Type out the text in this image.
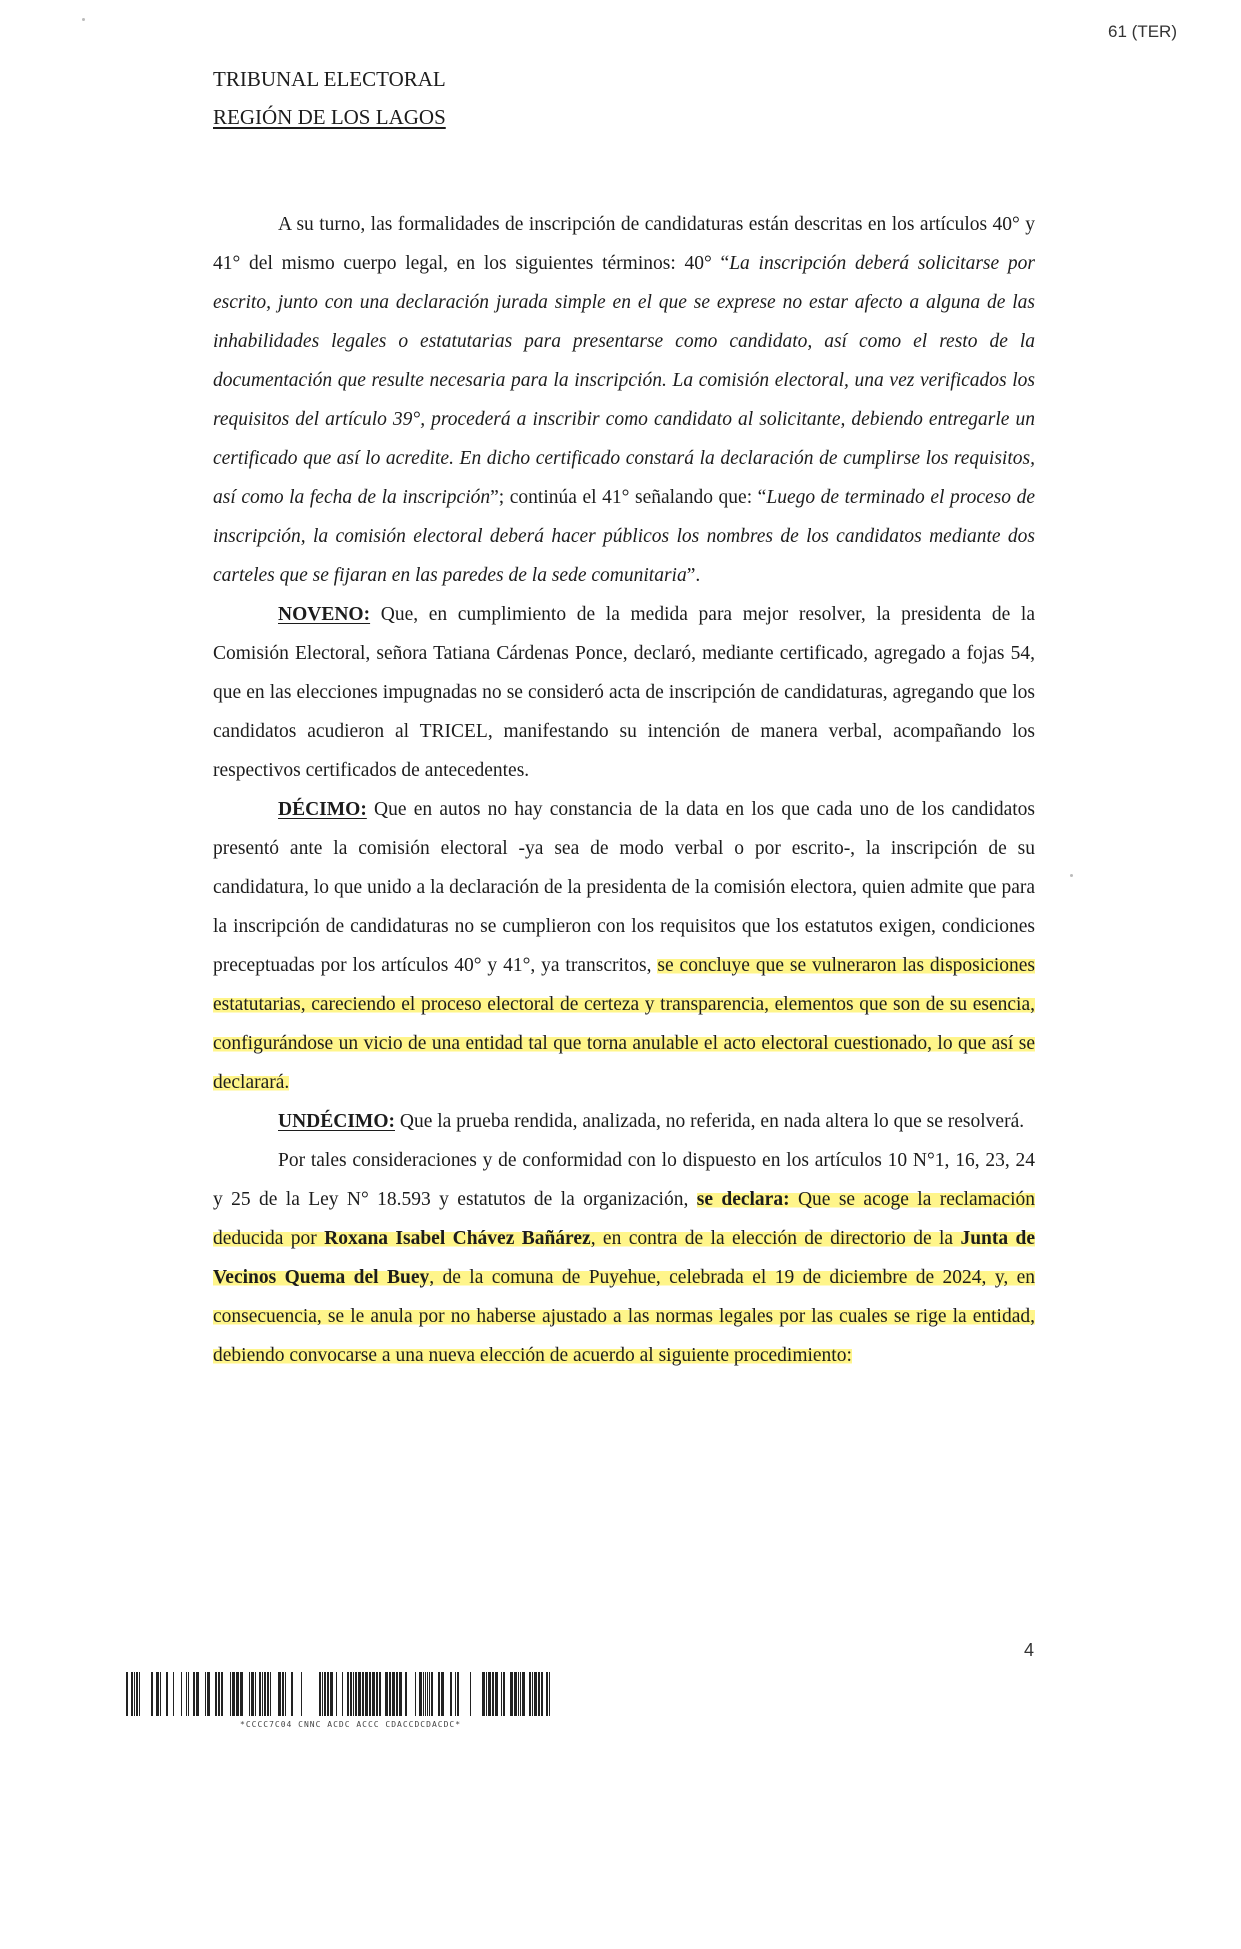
61 (TER)
TRIBUNAL ELECTORAL
REGIÓN DE LOS LAGOS

A su turno, las formalidades de inscripción de candidaturas están descritas en los artículos 40° y 41° del mismo cuerpo legal, en los siguientes términos: 40° “La inscripción deberá solicitarse por escrito, junto con una declaración jurada simple en el que se exprese no estar afecto a alguna de las inhabilidades legales o estatutarias para presentarse como candidato, así como el resto de la documentación que resulte necesaria para la inscripción. La comisión electoral, una vez verificados los requisitos del artículo 39°, procederá a inscribir como candidato al solicitante, debiendo entregarle un certificado que así lo acredite. En dicho certificado constará la declaración de cumplirse los requisitos, así como la fecha de la inscripción”; continúa el 41° señalando que: “Luego de terminado el proceso de inscripción, la comisión electoral deberá hacer públicos los nombres de los candidatos mediante dos carteles que se fijaran en las paredes de la sede comunitaria”.

NOVENO: Que, en cumplimiento de la medida para mejor resolver, la presidenta de la Comisión Electoral, señora Tatiana Cárdenas Ponce, declaró, mediante certificado, agregado a fojas 54, que en las elecciones impugnadas no se consideró acta de inscripción de candidaturas, agregando que los candidatos acudieron al TRICEL, manifestando su intención de manera verbal, acompañando los respectivos certificados de antecedentes.

DÉCIMO: Que en autos no hay constancia de la data en los que cada uno de los candidatos presentó ante la comisión electoral -ya sea de modo verbal o por escrito-, la inscripción de su candidatura, lo que unido a la declaración de la presidenta de la comisión electora, quien admite que para la inscripción de candidaturas no se cumplieron con los requisitos que los estatutos exigen, condiciones preceptuadas por los artículos 40° y 41°, ya transcritos, se concluye que se vulneraron las disposiciones estatutarias, careciendo el proceso electoral de certeza y transparencia, elementos que son de su esencia, configurándose un vicio de una entidad tal que torna anulable el acto electoral cuestionado, lo que así se declarará.

UNDÉCIMO: Que la prueba rendida, analizada, no referida, en nada altera lo que se resolverá.

Por tales consideraciones y de conformidad con lo dispuesto en los artículos 10 N°1, 16, 23, 24 y 25 de la Ley N° 18.593 y estatutos de la organización, se declara: Que se acoge la reclamación deducida por Roxana Isabel Chávez Bañárez, en contra de la elección de directorio de la Junta de Vecinos Quema del Buey, de la comuna de Puyehue, celebrada el 19 de diciembre de 2024, y, en consecuencia, se le anula por no haberse ajustado a las normas legales por las cuales se rige la entidad, debiendo convocarse a una nueva elección de acuerdo al siguiente procedimiento:

4
*CCCC7C04 CNNC ACDC ACCC CDACCDCDACDC*
